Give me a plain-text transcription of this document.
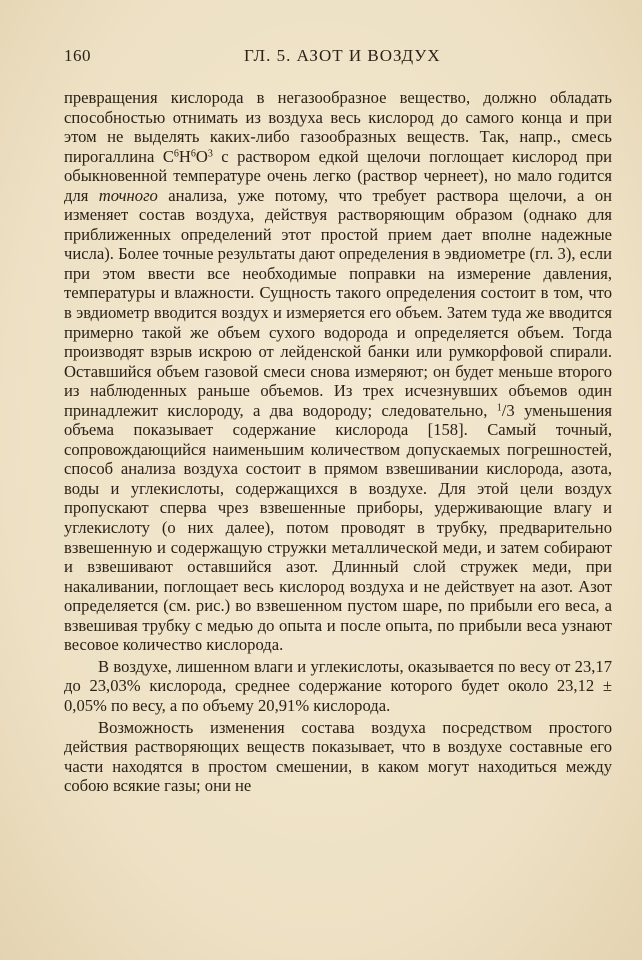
160	ГЛ. 5. АЗОТ И ВОЗДУХ

превращения кислорода в негазообразное вещество, должно обладать способностью отнимать из воздуха весь кислород до самого конца и при этом не выделять каких-либо газообразных веществ. Так, напр., смесь пирогаллина $C^6H^6O^3$ с раствором едкой щелочи поглощает кислород при обыкновенной температуре очень легко (раствор чернеет), но мало годится для точного анализа, уже потому, что требует раствора щелочи, а он изменяет состав воздуха, действуя растворяющим образом (однако для приближенных определений этот простой прием дает вполне надежные числа). Более точные результаты дают определения в эвдиометре (гл. 3), если при этом ввести все необходимые поправки на измерение давления, температуры и влажности. Сущность такого определения состоит в том, что в эвдиометр вводится воздух и измеряется его объем. Затем туда же вводится примерно такой же объем сухого водорода и определяется объем. Тогда производят взрыв искрою от лейденской банки или румкорфовой спирали. Оставшийся объем газовой смеси снова измеряют; он будет меньше второго из наблюденных раньше объемов. Из трех исчезнувших объемов один принадлежит кислороду, а два водороду; следовательно, $^1$/3 уменьшения объема показывает содержание кислорода [158]. Самый точный, сопровождающийся наименьшим количеством допускаемых погрешностей, способ анализа воздуха состоит в прямом взвешивании кислорода, азота, воды и углекислоты, содержащихся в воздухе. Для этой цели воздух пропускают сперва чрез взвешенные приборы, удерживающие влагу и углекислоту (о них далее), потом проводят в трубку, предварительно взвешенную и содержащую стружки металлической меди, и затем собирают и взвешивают оставшийся азот. Длинный слой стружек меди, при накаливании, поглощает весь кислород воздуха и не действует на азот. Азот определяется (см. рис.) во взвешенном пустом шаре, по прибыли его веса, а взвешивая трубку с медью до опыта и после опыта, по прибыли веса узнают весовое количество кислорода.

В воздухе, лишенном влаги и углекислоты, оказывается по весу от 23,17 до 23,03% кислорода, среднее содержание которого будет около 23,12 ± 0,05% по весу, а по объему 20,91% кислорода.

Возможность изменения состава воздуха посредством простого действия растворяющих веществ показывает, что в воздухе составные его части находятся в простом смешении, в каком могут находиться между собою всякие газы; они не
